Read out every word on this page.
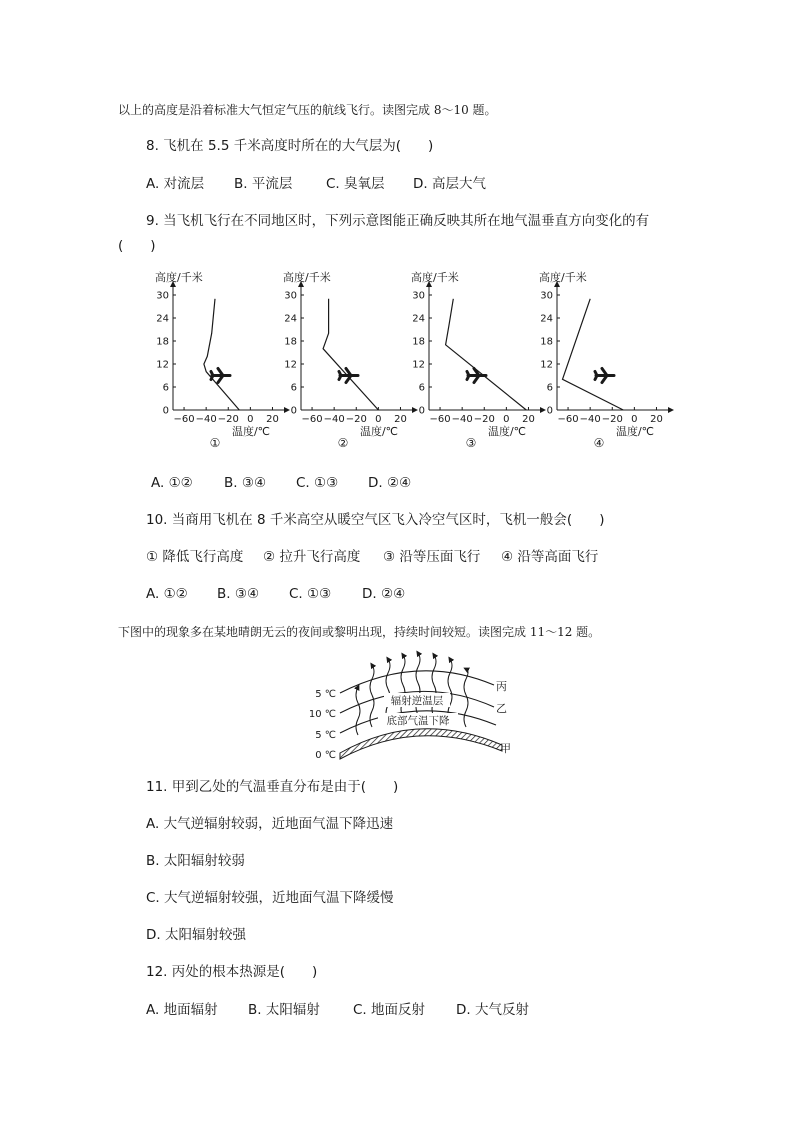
以上的高度是沿着标准大气恒定气压的航线飞行。读图完成 8～10 题。
8. 飞机在 5.5 千米高度时所在的大气层为(　　)
A. 对流层 B. 平流层 C. 臭氧层 D. 高层大气
9. 当飞机飞行在不同地区时，下列示意图能正确反映其所在地气温垂直方向变化的有
(　　)
高度/千米
30
24
18
12
6
0
−60 −40 −20 0 20
温度/℃
①
高度/千米
30
24
18
12
6
0
−60 −40 −20 0 20
温度/℃
②
高度/千米
30
24
18
12
6
0
−60 −40 −20 0 20
温度/℃
③
高度/千米
30
24
18
12
6
0
−60 −40 −20 0 20
温度/℃
④
A. ①② B. ③④ C. ①③ D. ②④
10. 当商用飞机在 8 千米高空从暖空气区飞入冷空气区时，飞机一般会(　　)
① 降低飞行高度 ② 拉升飞行高度 ③ 沿等压面飞行 ④ 沿等高面飞行
A. ①② B. ③④ C. ①③ D. ②④
下图中的现象多在某地晴朗无云的夜间或黎明出现，持续时间较短。读图完成 11～12 题。
5 ℃
10 ℃
5 ℃
0 ℃
辐射逆温层
底部气温下降
丙
乙
甲
11. 甲到乙处的气温垂直分布是由于(　　)
A. 大气逆辐射较弱，近地面气温下降迅速
B. 太阳辐射较弱
C. 大气逆辐射较强，近地面气温下降缓慢
D. 太阳辐射较强
12. 丙处的根本热源是(　　)
A. 地面辐射 B. 太阳辐射 C. 地面反射 D. 大气反射
